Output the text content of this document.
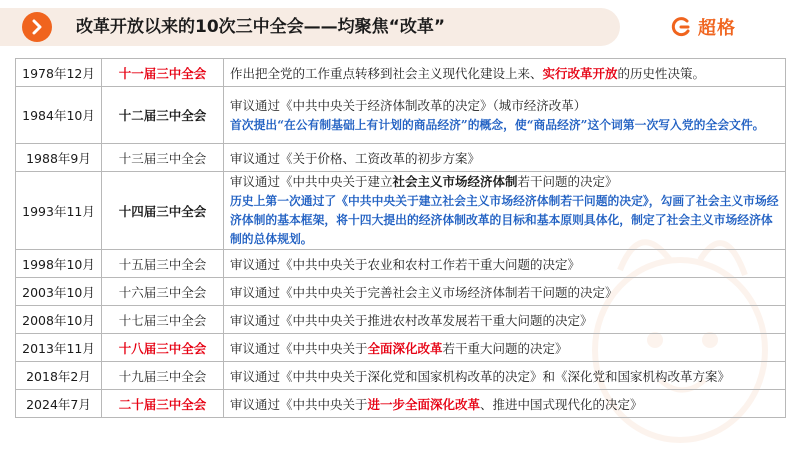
改革开放以来的10次三中全会——均聚焦“改革”	超格
1978年12月	十一届三中全会	作出把全党的工作重点转移到社会主义现代化建设上来、实行改革开放的历史性决策。
1984年10月	十二届三中全会	审议通过《中共中央关于经济体制改革的决定》（城市经济改革）
首次提出“在公有制基础上有计划的商品经济”的概念，使“商品经济”这个词第一次写入党的全会文件。

1988年9月	十三届三中全会	审议通过《关于价格、工资改革的初步方案》
1993年11月	十四届三中全会	审议通过《中共中央关于建立社会主义市场经济体制若干问题的决定》
历史上第一次通过了《中共中央关于建立社会主义市场经济体制若干问题的决定》，勾画了社会主义市场经济体制的基本框架，将十四大提出的经济体制改革的目标和基本原则具体化，制定了社会主义市场经济体制的总体规划。

1998年10月	十五届三中全会	审议通过《中共中央关于农业和农村工作若干重大问题的决定》
2003年10月	十六届三中全会	审议通过《中共中央关于完善社会主义市场经济体制若干问题的决定》
2008年10月	十七届三中全会	审议通过《中共中央关于推进农村改革发展若干重大问题的决定》
2013年11月	十八届三中全会	审议通过《中共中央关于全面深化改革若干重大问题的决定》
2018年2月	十九届三中全会	审议通过《中共中央关于深化党和国家机构改革的决定》和《深化党和国家机构改革方案》
2024年7月	二十届三中全会	审议通过《中共中央关于进一步全面深化改革、推进中国式现代化的决定》
